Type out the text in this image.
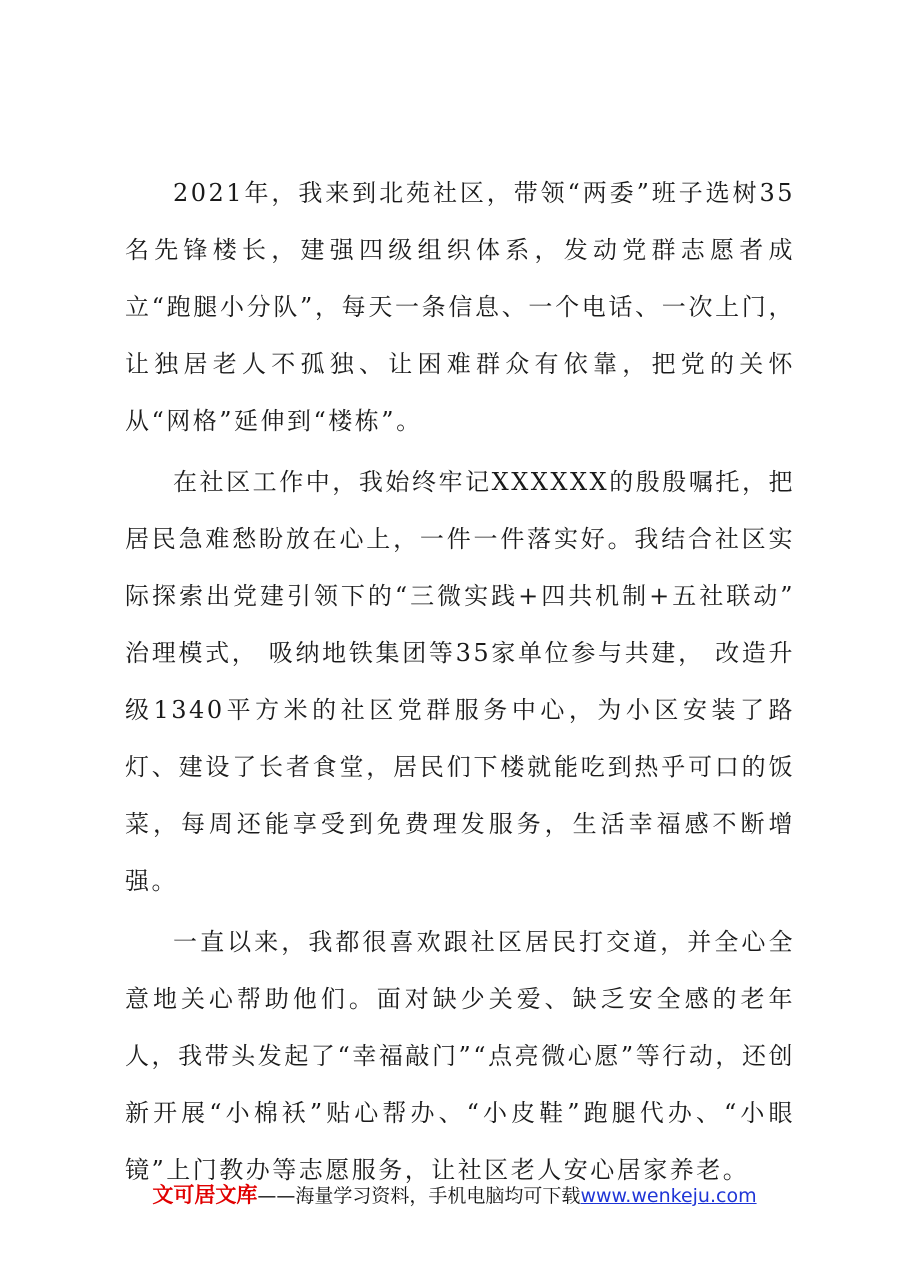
2021年，我来到北苑社区，带领“两委”班子选树35名先锋楼长，建强四级组织体系，发动党群志愿者成立“跑腿小分队”，每天一条信息、一个电话、一次上门，让独居老人不孤独、让困难群众有依靠，把党的关怀从“网格”延伸到“楼栋”。

在社区工作中，我始终牢记XXXXXX的殷殷嘱托，把居民急难愁盼放在心上，一件一件落实好。我结合社区实际探索出党建引领下的“三微实践+四共机制+五社联动” 治理模式， 吸纳地铁集团等35家单位参与共建， 改造升级1340平方米的社区党群服务中心，为小区安装了路灯、建设了长者食堂，居民们下楼就能吃到热乎可口的饭菜，每周还能享受到免费理发服务，生活幸福感不断增强。

一直以来，我都很喜欢跟社区居民打交道，并全心全意地关心帮助他们。面对缺少关爱、缺乏安全感的老年人，我带头发起了“幸福敲门”“点亮微心愿”等行动，还创新开展“小棉袄”贴心帮办、“小皮鞋”跑腿代办、“小眼镜”上门教办等志愿服务，让社区老人安心居家养老。

文可居文库——海量学习资料，手机电脑均可下载www.wenkeju.com
